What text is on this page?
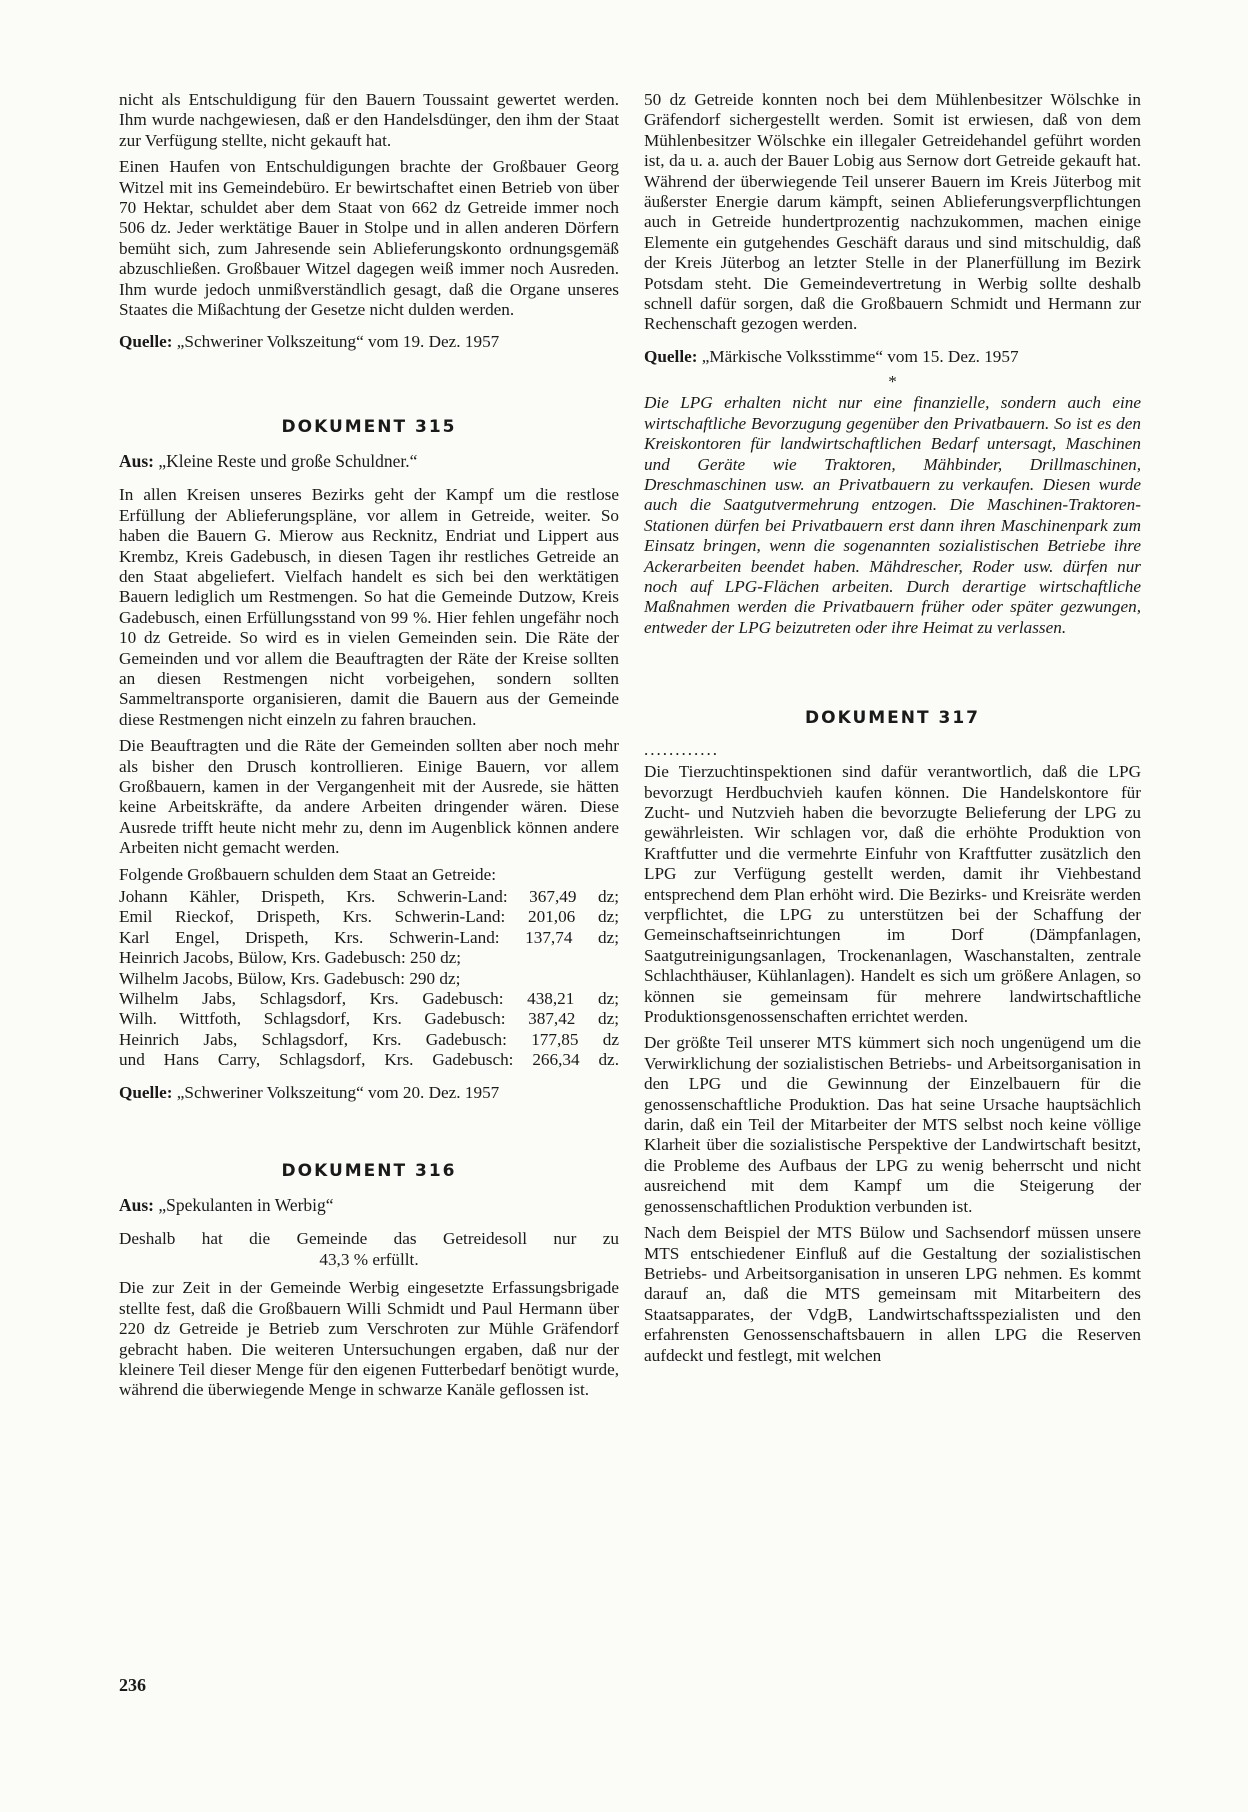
nicht als Entschuldigung für den Bauern Toussaint gewertet werden. Ihm wurde nachgewiesen, daß er den Handelsdünger, den ihm der Staat zur Verfügung stellte, nicht gekauft hat.

Einen Haufen von Entschuldigungen brachte der Großbauer Georg Witzel mit ins Gemeindebüro. Er bewirtschaftet einen Betrieb von über 70 Hektar, schuldet aber dem Staat von 662 dz Getreide immer noch 506 dz. Jeder werktätige Bauer in Stolpe und in allen anderen Dörfern bemüht sich, zum Jahresende sein Ablieferungskonto ordnungsgemäß abzuschließen. Großbauer Witzel dagegen weiß immer noch Ausreden. Ihm wurde jedoch unmißverständlich gesagt, daß die Organe unseres Staates die Mißachtung der Gesetze nicht dulden werden.

Quelle: „Schweriner Volkszeitung“ vom 19. Dez. 1957

DOKUMENT 315

Aus: „Kleine Reste und große Schuldner.“

In allen Kreisen unseres Bezirks geht der Kampf um die restlose Erfüllung der Ablieferungspläne, vor allem in Getreide, weiter. So haben die Bauern G. Mierow aus Recknitz, Endriat und Lippert aus Krembz, Kreis Gadebusch, in diesen Tagen ihr restliches Getreide an den Staat abgeliefert. Vielfach handelt es sich bei den werktätigen Bauern lediglich um Restmengen. So hat die Gemeinde Dutzow, Kreis Gadebusch, einen Erfüllungsstand von 99 %. Hier fehlen ungefähr noch 10 dz Getreide. So wird es in vielen Gemeinden sein. Die Räte der Gemeinden und vor allem die Beauftragten der Räte der Kreise sollten an diesen Restmengen nicht vorbeigehen, sondern sollten Sammeltransporte organisieren, damit die Bauern aus der Gemeinde diese Restmengen nicht einzeln zu fahren brauchen.

Die Beauftragten und die Räte der Gemeinden sollten aber noch mehr als bisher den Drusch kontrollieren. Einige Bauern, vor allem Großbauern, kamen in der Vergangenheit mit der Ausrede, sie hätten keine Arbeitskräfte, da andere Arbeiten dringender wären. Diese Ausrede trifft heute nicht mehr zu, denn im Augenblick können andere Arbeiten nicht gemacht werden.

Folgende Großbauern schulden dem Staat an Getreide:

Johann Kähler, Drispeth, Krs. Schwerin-Land: 367,49 dz;
Emil Rieckof, Drispeth, Krs. Schwerin-Land: 201,06 dz;
Karl Engel, Drispeth, Krs. Schwerin-Land: 137,74 dz;
Heinrich Jacobs, Bülow, Krs. Gadebusch: 250 dz;
Wilhelm Jacobs, Bülow, Krs. Gadebusch: 290 dz;
Wilhelm Jabs, Schlagsdorf, Krs. Gadebusch: 438,21 dz;
Wilh. Wittfoth, Schlagsdorf, Krs. Gadebusch: 387,42 dz;
Heinrich Jabs, Schlagsdorf, Krs. Gadebusch: 177,85 dz
und Hans Carry, Schlagsdorf, Krs. Gadebusch: 266,34 dz.

Quelle: „Schweriner Volkszeitung“ vom 20. Dez. 1957

DOKUMENT 316

Aus: „Spekulanten in Werbig“

Deshalb hat die Gemeinde das Getreidesoll nur zu

43,3 % erfüllt.

Die zur Zeit in der Gemeinde Werbig eingesetzte Erfassungsbrigade stellte fest, daß die Großbauern Willi Schmidt und Paul Hermann über 220 dz Getreide je Betrieb zum Verschroten zur Mühle Gräfendorf gebracht haben. Die weiteren Untersuchungen ergaben, daß nur der kleinere Teil dieser Menge für den eigenen Futterbedarf benötigt wurde, während die überwiegende Menge in schwarze Kanäle geflossen ist.

50 dz Getreide konnten noch bei dem Mühlenbesitzer Wölschke in Gräfendorf sichergestellt werden. Somit ist erwiesen, daß von dem Mühlenbesitzer Wölschke ein illegaler Getreidehandel geführt worden ist, da u. a. auch der Bauer Lobig aus Sernow dort Getreide gekauft hat. Während der überwiegende Teil unserer Bauern im Kreis Jüterbog mit äußerster Energie darum kämpft, seinen Ablieferungsverpflichtungen auch in Getreide hundertprozentig nachzukommen, machen einige Elemente ein gutgehendes Geschäft daraus und sind mitschuldig, daß der Kreis Jüterbog an letzter Stelle in der Planerfüllung im Bezirk Potsdam steht. Die Gemeindevertretung in Werbig sollte deshalb schnell dafür sorgen, daß die Großbauern Schmidt und Hermann zur Rechenschaft gezogen werden.

Quelle: „Märkische Volksstimme“ vom 15. Dez. 1957

*

Die LPG erhalten nicht nur eine finanzielle, sondern auch eine wirtschaftliche Bevorzugung gegenüber den Privatbauern. So ist es den Kreiskontoren für landwirtschaftlichen Bedarf untersagt, Maschinen und Geräte wie Traktoren, Mähbinder, Drillmaschinen, Dreschmaschinen usw. an Privatbauern zu verkaufen. Diesen wurde auch die Saatgutvermehrung entzogen. Die Maschinen-Traktoren-Stationen dürfen bei Privatbauern erst dann ihren Maschinenpark zum Einsatz bringen, wenn die sogenannten sozialistischen Betriebe ihre Ackerarbeiten beendet haben. Mähdrescher, Roder usw. dürfen nur noch auf LPG-Flächen arbeiten. Durch derartige wirtschaftliche Maßnahmen werden die Privatbauern früher oder später gezwungen, entweder der LPG beizutreten oder ihre Heimat zu verlassen.

DOKUMENT 317
............

Die Tierzuchtinspektionen sind dafür verantwortlich, daß die LPG bevorzugt Herdbuchvieh kaufen können. Die Handelskontore für Zucht- und Nutzvieh haben die bevorzugte Belieferung der LPG zu gewährleisten. Wir schlagen vor, daß die erhöhte Produktion von Kraftfutter und die vermehrte Einfuhr von Kraftfutter zusätzlich den LPG zur Verfügung gestellt werden, damit ihr Viehbestand entsprechend dem Plan erhöht wird. Die Bezirks- und Kreisräte werden verpflichtet, die LPG zu unterstützen bei der Schaffung der Gemeinschaftseinrichtungen im Dorf (Dämpfanlagen, Saatgutreinigungsanlagen, Trockenanlagen, Waschanstalten, zentrale Schlachthäuser, Kühlanlagen). Handelt es sich um größere Anlagen, so können sie gemeinsam für mehrere landwirtschaftliche Produktionsgenossenschaften errichtet werden.

Der größte Teil unserer MTS kümmert sich noch ungenügend um die Verwirklichung der sozialistischen Betriebs- und Arbeitsorganisation in den LPG und die Gewinnung der Einzelbauern für die genossenschaftliche Produktion. Das hat seine Ursache hauptsächlich darin, daß ein Teil der Mitarbeiter der MTS selbst noch keine völlige Klarheit über die sozialistische Perspektive der Landwirtschaft besitzt, die Probleme des Aufbaus der LPG zu wenig beherrscht und nicht ausreichend mit dem Kampf um die Steigerung der genossenschaftlichen Produktion verbunden ist.

Nach dem Beispiel der MTS Bülow und Sachsendorf müssen unsere MTS entschiedener Einfluß auf die Gestaltung der sozialistischen Betriebs- und Arbeitsorganisation in unseren LPG nehmen. Es kommt darauf an, daß die MTS gemeinsam mit Mitarbeitern des Staatsapparates, der VdgB, Landwirtschaftsspezialisten und den erfahrensten Genossenschaftsbauern in allen LPG die Reserven aufdeckt und festlegt, mit welchen

236
